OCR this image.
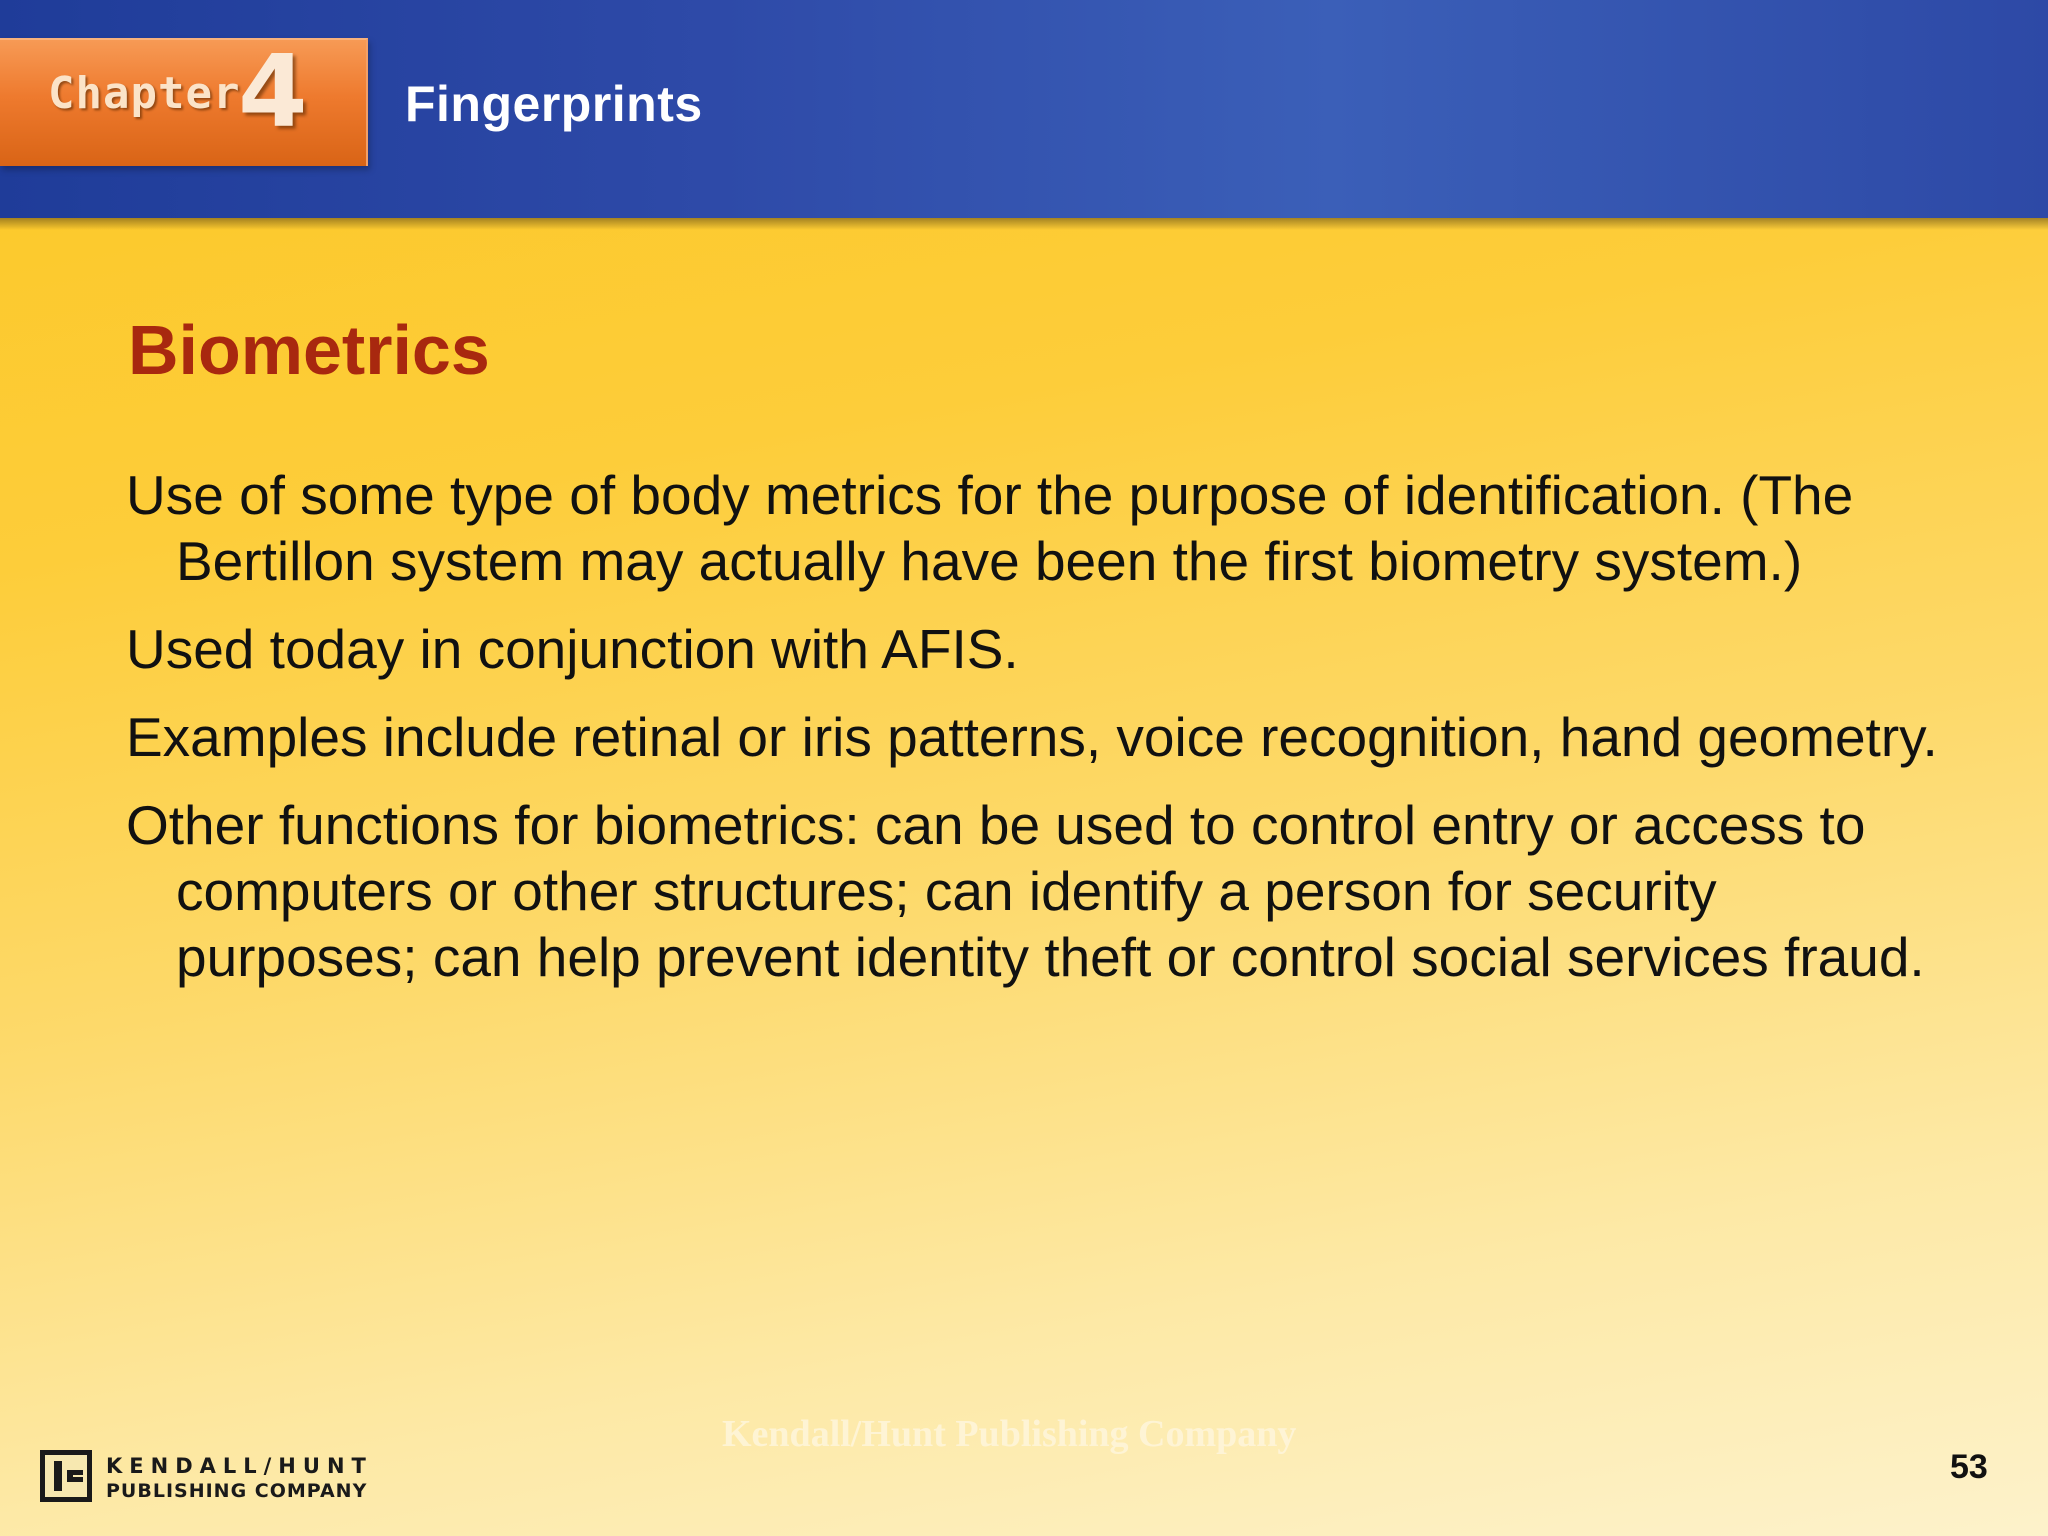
Chapter
4 Fingerprints
Biometrics

Use of some type of body metrics for the purpose of identification. (The Bertillon system may actually have been the first biometry system.)

Used today in conjunction with AFIS.

Examples include retinal or iris patterns, voice recognition, hand geometry.

Other functions for biometrics: can be used to control entry or access to computers or other structures; can identify a person for security purposes; can help prevent identity theft or control social services fraud.

Kendall/Hunt Publishing Company
KENDALL/HUNT
PUBLISHING COMPANY
53
